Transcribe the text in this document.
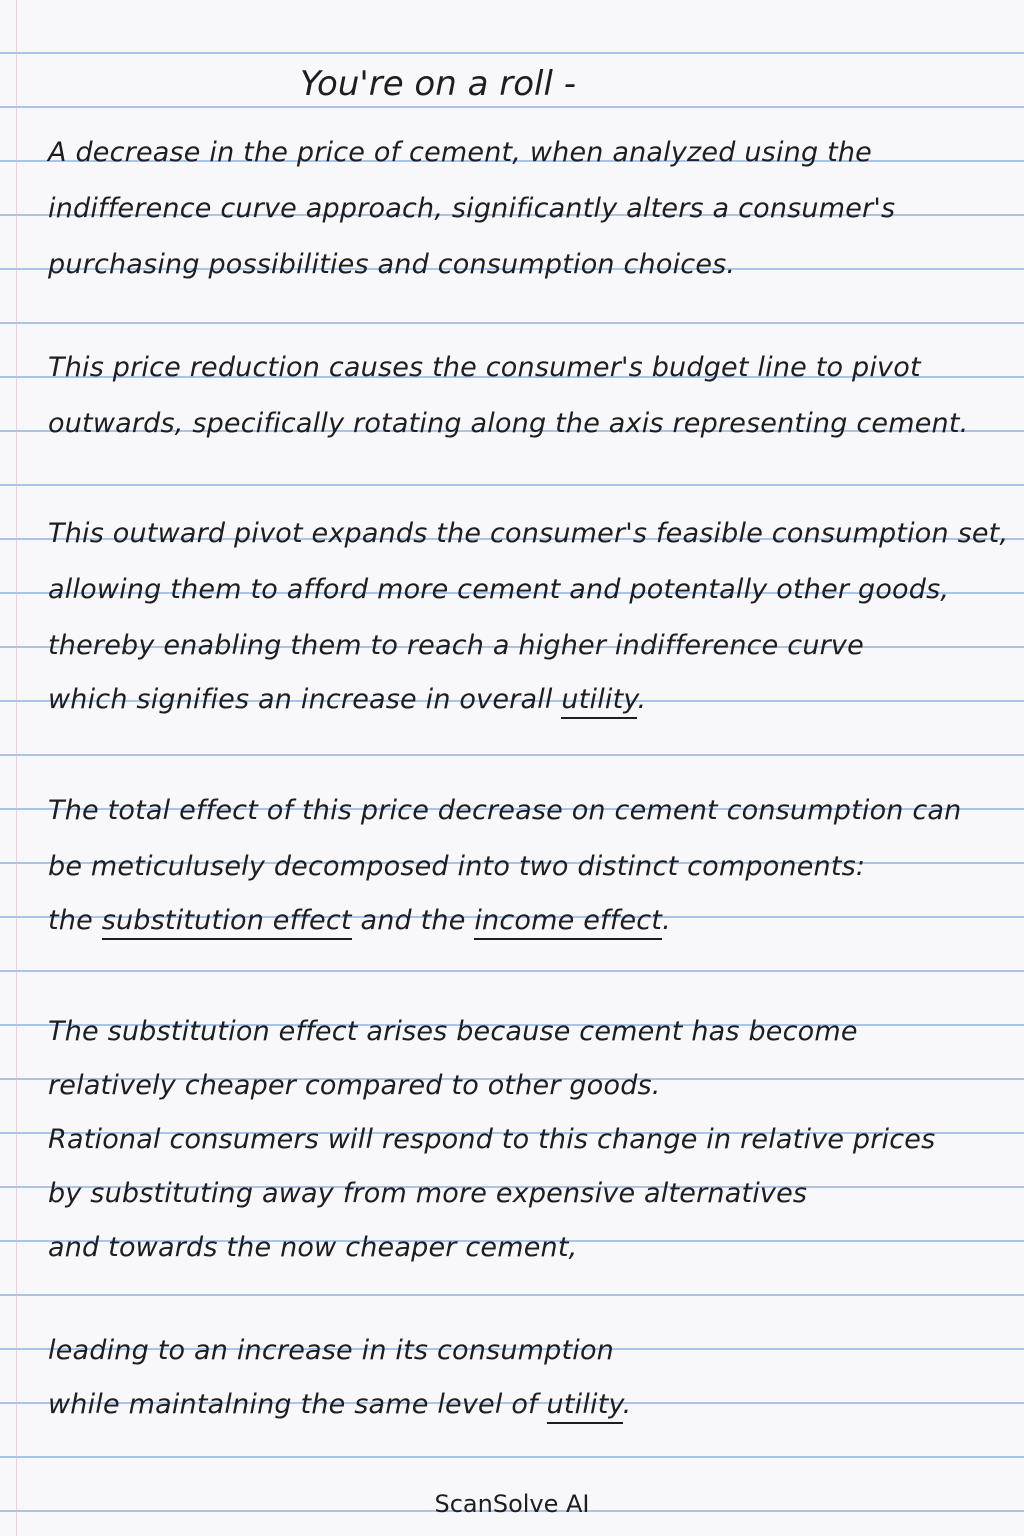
You're on a roll -
A decrease in the price of cement, when analyzed using the
indifference curve approach, significantly alters a consumer's
purchasing possibilities and consumption choices.
This price reduction causes the consumer's budget line to pivot
outwards, specifically rotating along the axis representing cement.
This outward pivot expands the consumer's feasible consumption set,
allowing them to afford more cement and potentally other goods,
thereby enabling them to reach a higher indifference curve
which signifies an increase in overall utility.
The total effect of this price decrease on cement consumption can
be meticulusely decomposed into two distinct components:
the substitution effect and the income effect.
The substitution effect arises because cement has become
relatively cheaper compared to other goods.
Rational consumers will respond to this change in relative prices
by substituting away from more expensive alternatives
and towards the now cheaper cement,
leading to an increase in its consumption
while maintalning the same level of utility.
ScanSolve AI
